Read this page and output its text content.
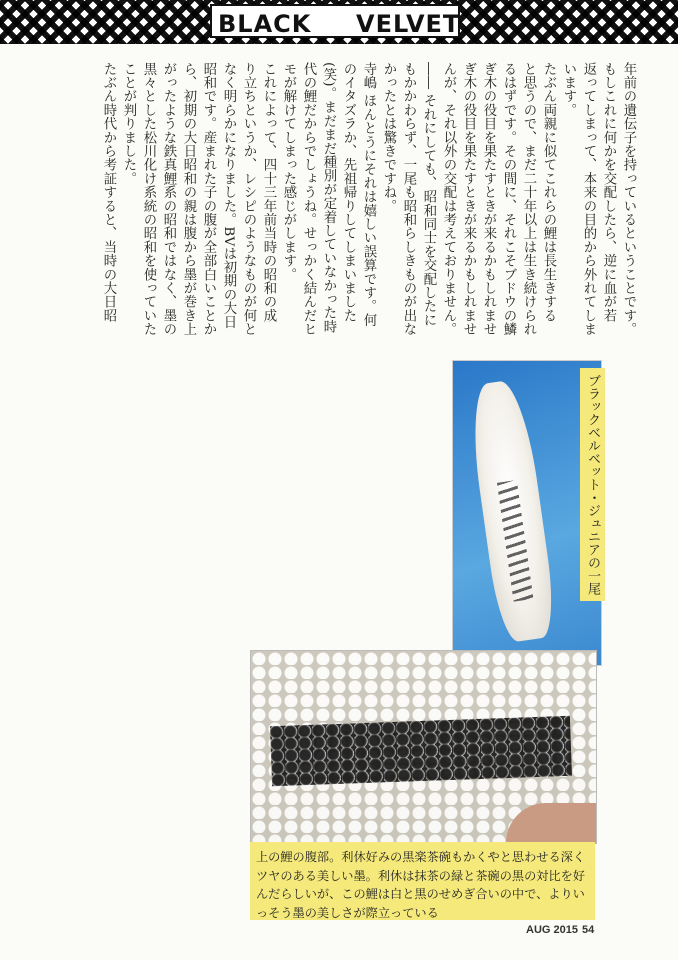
BLACK VELVET
年前の遺伝子を持っているということです。
もしこれに何かを交配したら、逆に血が若
返ってしまって、本来の目的から外れてしま
います。
たぶん両親に似てこれらの鯉は長生きする
と思うので、まだ二十年以上は生き続けられ
るはずです。その間に、それこそブドウの鱗
ぎ木の役目を果たすときが来るかもしれませ
ぎ木の役目を果たすときが来るかもしれませ
んが、それ以外の交配は考えておりません。
―― それにしても、昭和同士を交配したに
もかかわらず、一尾も昭和らしきものが出な
かったとは驚きですね。
寺嶋 ほんとうにそれは嬉しい誤算です。何
のイタズラか、先祖帰りしてしまいました
(笑)。まだまだ種別が定着していなかった時
代の鯉だからでしょうね。せっかく結んだヒ
モが解けてしまった感じがします。
これによって、四十三年前当時の昭和の成
り立ちというか、レシピのようなものが何と
なく明らかになりました。BVは初期の大日
昭和です。産まれた子の腹が全部白いことか
ら、初期の大日昭和の親は腹から墨が巻き上
がったような鉄真鯉系の昭和ではなく、墨の
黒々とした松川化け系統の昭和を使っていた
ことが判りました。
たぶん時代から考証すると、当時の大日昭
ブラックベルベット・ジュニアの一尾
上の鯉の腹部。利休好みの黒楽茶碗もかくやと思わせる深くツヤのある美しい墨。利休は抹茶の緑と茶碗の黒の対比を好んだらしいが、この鯉は白と黒のせめぎ合いの中で、よりいっそう墨の美しさが際立っている
AUG 2015 54
